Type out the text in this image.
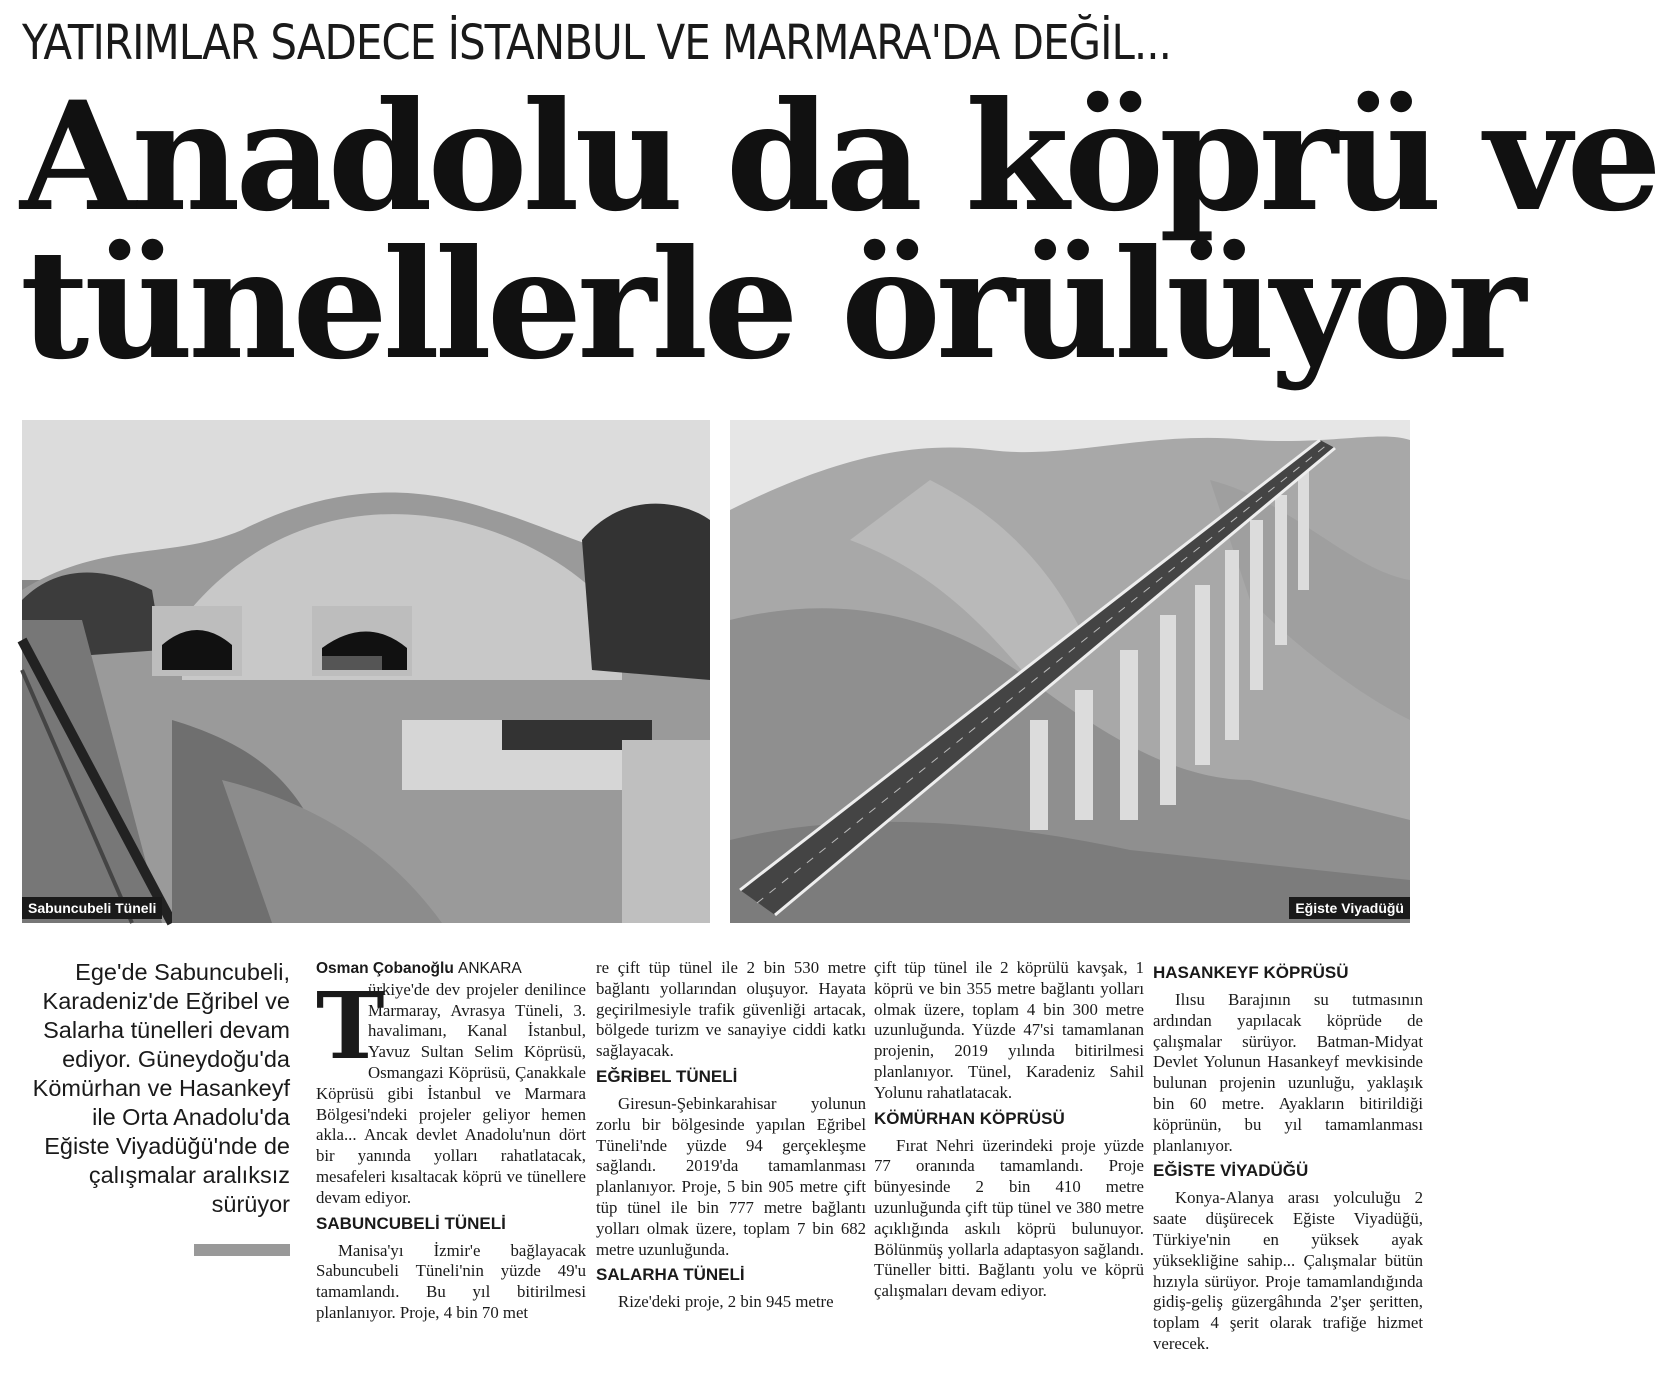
YATIRIMLAR SADECE İSTANBUL VE MARMARA'DA DEĞİL...
Anadolu da köprü ve
tünellerle örülüyor
Sabuncubeli Tüneli	Eğiste Viyadüğü
Ege'de Sabuncubeli, Karadeniz'de Eğribel ve Salarha tünelleri devam ediyor. Güneydoğu'da Kömürhan ve Hasankeyf ile Orta Anadolu'da Eğiste Viyadüğü'nde de çalışmalar aralıksız sürüyor

Osman Çobanoğlu ANKARA

T
ürkiye'de dev projeler denilince Marmaray, Avrasya Tüneli, 3. havalimanı, Kanal İstanbul, Yavuz Sultan Selim Köprüsü, Osmangazi Köprüsü, Çanakkale Köprüsü gibi İstanbul ve Marmara Bölgesi'ndeki projeler geliyor hemen akla... Ancak devlet Anadolu'nun dört bir yanında yolları rahatlatacak, mesafeleri kısaltacak köprü ve tünellere devam ediyor.

SABUNCUBELİ TÜNELİ

Manisa'yı İzmir'e bağlayacak Sabuncubeli Tüneli'nin yüzde 49'u tamamlandı. Bu yıl bitirilmesi planlanıyor. Proje, 4 bin 70 met

re çift tüp tünel ile 2 bin 530 metre bağlantı yollarından oluşuyor. Hayata geçirilmesiyle trafik güvenliği artacak, bölgede turizm ve sanayiye ciddi katkı sağlayacak.

EĞRİBEL TÜNELİ

Giresun-Şebinkarahisar yolunun zorlu bir bölgesinde yapılan Eğribel Tüneli'nde yüzde 94 gerçekleşme sağlandı. 2019'da tamamlanması planlanıyor. Proje, 5 bin 905 metre çift tüp tünel ile bin 777 metre bağlantı yolları olmak üzere, toplam 7 bin 682 metre uzunluğunda.

SALARHA TÜNELİ

Rize'deki proje, 2 bin 945 metre

çift tüp tünel ile 2 köprülü kavşak, 1 köprü ve bin 355 metre bağlantı yolları olmak üzere, toplam 4 bin 300 metre uzunluğunda. Yüzde 47'si tamamlanan projenin, 2019 yılında bitirilmesi planlanıyor. Tünel, Karadeniz Sahil Yolunu rahatlatacak.

KÖMÜRHAN KÖPRÜSÜ

Fırat Nehri üzerindeki proje yüzde 77 oranında tamamlandı. Proje bünyesinde 2 bin 410 metre uzunluğunda çift tüp tünel ve 380 metre açıklığında askılı köprü bulunuyor. Bölünmüş yollarla adaptasyon sağlandı. Tüneller bitti. Bağlantı yolu ve köprü çalışmaları devam ediyor.

HASANKEYF KÖPRÜSÜ

Ilısu Barajının su tutmasının ardından yapılacak köprüde de çalışmalar sürüyor. Batman-Midyat Devlet Yolunun Hasankeyf mevkisinde bulunan projenin uzunluğu, yaklaşık bin 60 metre. Ayakların bitirildiği köprünün, bu yıl tamamlanması planlanıyor.

EĞİSTE VİYADÜĞÜ

Konya-Alanya arası yolculuğu 2 saate düşürecek Eğiste Viyadüğü, Türkiye'nin en yüksek ayak yüksekliğine sahip... Çalışmalar bütün hızıyla sürüyor. Proje tamamlandığında gidiş-geliş güzergâhında 2'şer şeritten, toplam 4 şerit olarak trafiğe hizmet verecek.
